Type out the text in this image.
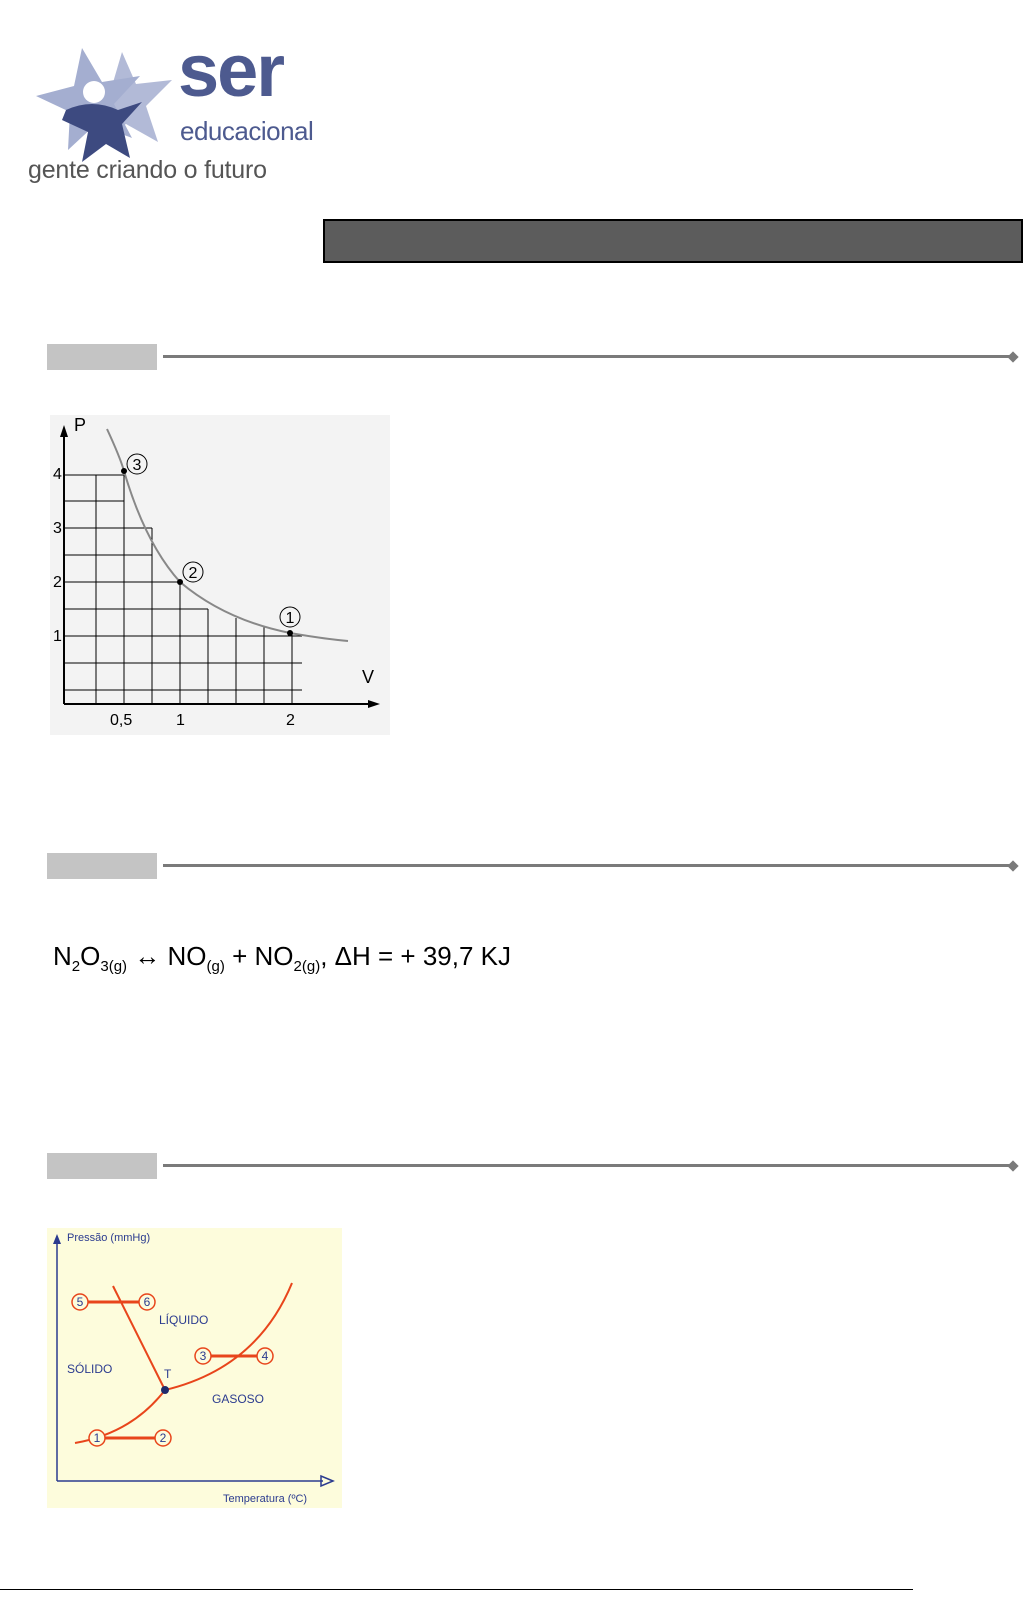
ser
educacional
gente criando o futuro
3
2
1
P
V
4
3
2
1
0,5	1	2
$N_2O_{3(g)}$ ↔ $NO_{(g)} + NO_{2(g)}$, ΔH = + 39,7 KJ
Pressão (mmHg)
Temperatura (ºC)
T
LÍQUIDO
SÓLIDO
GASOSO
1	2
3	4
5	6
